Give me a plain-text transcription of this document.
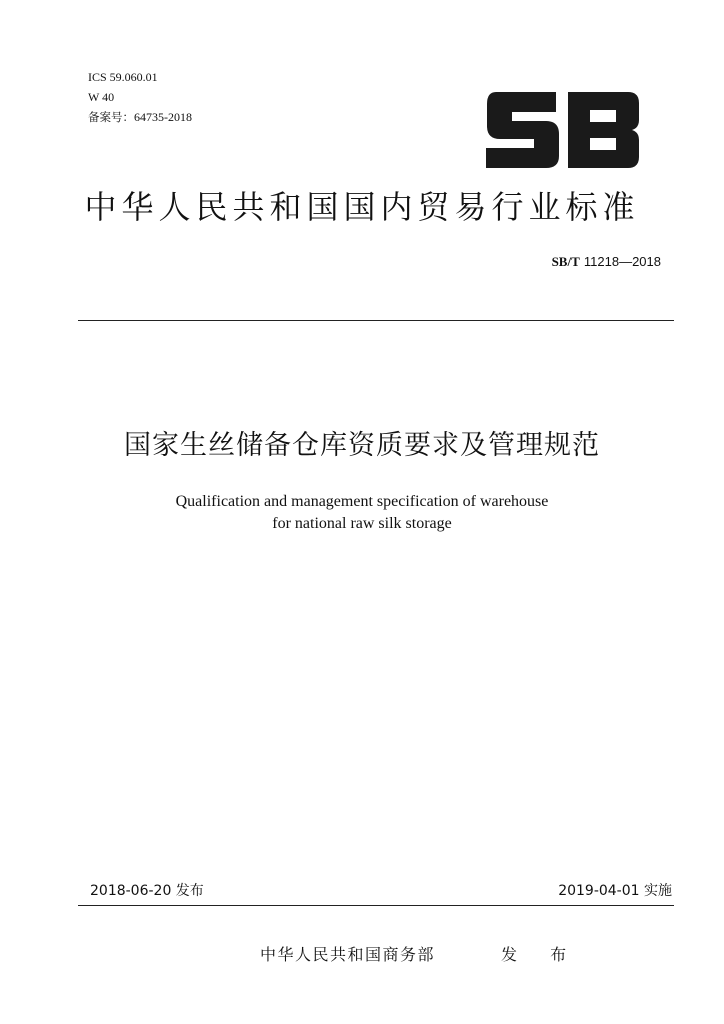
ICS 59.060.01
W 40
备案号：64735-2018
中华人民共和国国内贸易行业标准
SB/T 11218—2018
国家生丝储备仓库资质要求及管理规范
Qualification and management specification of warehouse
for national raw silk storage
2018-06-20 发布	2019-04-01 实施
中华人民共和国商务部	发 布
